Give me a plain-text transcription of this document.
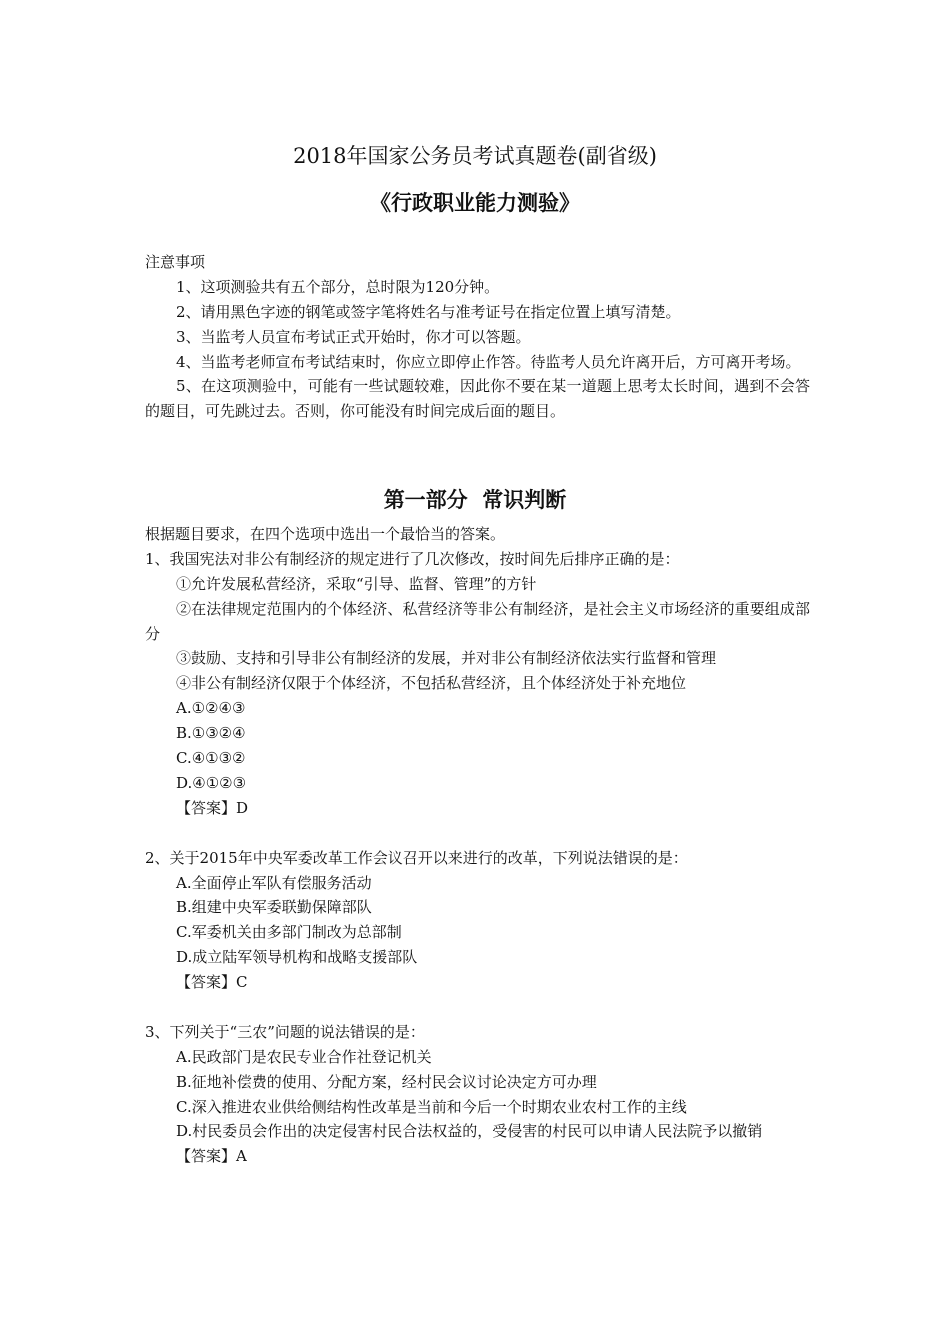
2018年国家公务员考试真题卷(副省级)
《行政职业能力测验》
注意事项
1、这项测验共有五个部分，总时限为120分钟。
2、请用黑色字迹的钢笔或签字笔将姓名与准考证号在指定位置上填写清楚。
3、当监考人员宣布考试正式开始时，你才可以答题。
4、当监考老师宣布考试结束时，你应立即停止作答。待监考人员允许离开后，方可离开考场。
5、在这项测验中，可能有一些试题较难，因此你不要在某一道题上思考太长时间，遇到不会答的题目，可先跳过去。否则，你可能没有时间完成后面的题目。
第一部分  常识判断
根据题目要求，在四个选项中选出一个最恰当的答案。
1、我国宪法对非公有制经济的规定进行了几次修改，按时间先后排序正确的是：
①允许发展私营经济，采取“引导、监督、管理”的方针
②在法律规定范围内的个体经济、私营经济等非公有制经济，是社会主义市场经济的重要组成部分
③鼓励、支持和引导非公有制经济的发展，并对非公有制经济依法实行监督和管理
④非公有制经济仅限于个体经济，不包括私营经济，且个体经济处于补充地位
A.①②④③
B.①③②④
C.④①③②
D.④①②③
【答案】D
2、关于2015年中央军委改革工作会议召开以来进行的改革，下列说法错误的是：
A.全面停止军队有偿服务活动
B.组建中央军委联勤保障部队
C.军委机关由多部门制改为总部制
D.成立陆军领导机构和战略支援部队
【答案】C
3、下列关于“三农”问题的说法错误的是：
A.民政部门是农民专业合作社登记机关
B.征地补偿费的使用、分配方案，经村民会议讨论决定方可办理
C.深入推进农业供给侧结构性改革是当前和今后一个时期农业农村工作的主线
D.村民委员会作出的决定侵害村民合法权益的，受侵害的村民可以申请人民法院予以撤销
【答案】A
